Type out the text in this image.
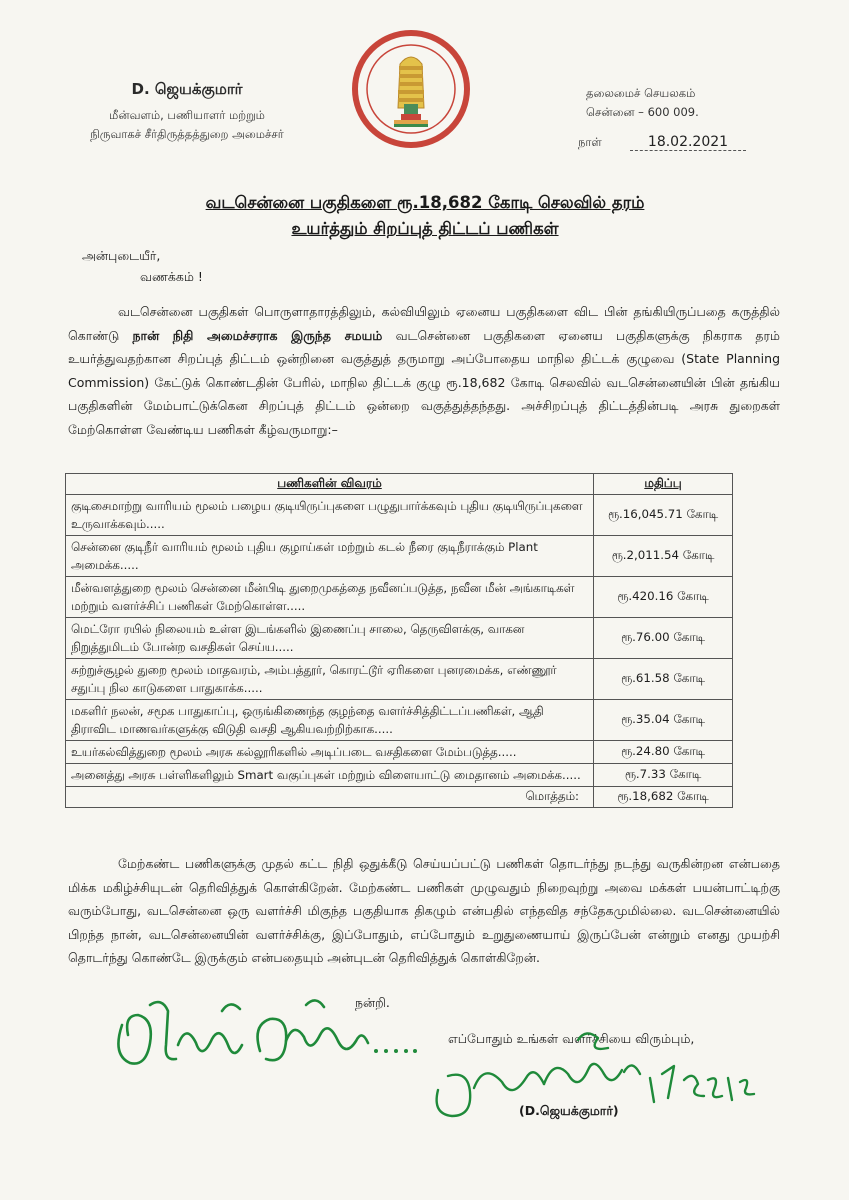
D. ஜெயக்குமார்
மீன்வளம், பணியாளர் மற்றும்
நிருவாகச் சீர்திருத்தத்துறை அமைச்சர்
தலைமைச் செயலகம்
சென்னை – 600 009.
நாள்	18.02.2021
வடசென்னை பகுதிகளை ரூ.18,682 கோடி செலவில் தரம்
உயர்த்தும் சிறப்புத் திட்டப் பணிகள்
அன்புடையீர்,
வணக்கம் !
வடசென்னை பகுதிகள் பொருளாதாரத்திலும், கல்வியிலும் ஏனைய பகுதிகளை விட பின் தங்கியிருப்பதை கருத்தில் கொண்டு நான் நிதி அமைச்சராக இருந்த சமயம் வடசென்னை பகுதிகளை ஏனைய பகுதிகளுக்கு நிகராக தரம் உயர்த்துவதற்கான சிறப்புத் திட்டம் ஒன்றினை வகுத்துத் தருமாறு அப்போதைய மாநில திட்டக் குழுவை (State Planning Commission) கேட்டுக் கொண்டதின் பேரில், மாநில திட்டக் குழு ரூ.18,682 கோடி செலவில் வடசென்னையின் பின் தங்கிய பகுதிகளின் மேம்பாட்டுக்கென சிறப்புத் திட்டம் ஒன்றை வகுத்துத்தந்தது. அச்சிறப்புத் திட்டத்தின்படி அரசு துறைகள் மேற்கொள்ள வேண்டிய பணிகள் கீழ்வருமாறு:–
பணிகளின் விவரம்	மதிப்பு
குடிசைமாற்று வாரியம் மூலம் பழைய குடியிருப்புகளை பழுதுபார்க்கவும் புதிய குடியிருப்புகளை உருவாக்கவும்.....	ரூ.16,045.71 கோடி
சென்னை குடிநீர் வாரியம் மூலம் புதிய குழாய்கள் மற்றும் கடல் நீரை குடிநீராக்கும் Plant அமைக்க.....	ரூ.2,011.54 கோடி
மீன்வளத்துறை மூலம் சென்னை மீன்பிடி துறைமுகத்தை நவீனப்படுத்த, நவீன மீன் அங்காடிகள் மற்றும் வளர்ச்சிப் பணிகள் மேற்கொள்ள.....	ரூ.420.16 கோடி
மெட்ரோ ரயில் நிலையம் உள்ள இடங்களில் இணைப்பு சாலை, தெருவிளக்கு, வாகன நிறுத்துமிடம் போன்ற வசதிகள் செய்ய.....	ரூ.76.00 கோடி
சுற்றுச்சூழல் துறை மூலம் மாதவரம், அம்பத்தூர், கொரட்டூர் ஏரிகளை புனரமைக்க, எண்ணூர் சதுப்பு நில காடுகளை பாதுகாக்க.....	ரூ.61.58 கோடி
மகளிர் நலன், சமூக பாதுகாப்பு, ஒருங்கிணைந்த குழந்தை வளர்ச்சித்திட்டப்பணிகள், ஆதி திராவிட மாணவர்களுக்கு விடுதி வசதி ஆகியவற்றிற்காக.....	ரூ.35.04 கோடி
உயர்கல்வித்துறை மூலம் அரசு கல்லூரிகளில் அடிப்படை வசதிகளை மேம்படுத்த.....	ரூ.24.80 கோடி
அனைத்து அரசு பள்ளிகளிலும் Smart வகுப்புகள் மற்றும் விளையாட்டு மைதானம் அமைக்க.....	ரூ.7.33 கோடி
மொத்தம்:	ரூ.18,682 கோடி
மேற்கண்ட பணிகளுக்கு முதல் கட்ட நிதி ஒதுக்கீடு செய்யப்பட்டு பணிகள் தொடர்ந்து நடந்து வருகின்றன என்பதை மிக்க மகிழ்ச்சியுடன் தெரிவித்துக் கொள்கிறேன். மேற்கண்ட பணிகள் முழுவதும் நிறைவுற்று அவை மக்கள் பயன்பாட்டிற்கு வரும்போது, வடசென்னை ஒரு வளர்ச்சி மிகுந்த பகுதியாக திகழும் என்பதில் எந்தவித சந்தேகமுமில்லை. வடசென்னையில் பிறந்த நான், வடசென்னையின் வளர்ச்சிக்கு, இப்போதும், எப்போதும் உறுதுணையாய் இருப்பேன் என்றும் எனது முயற்சி தொடர்ந்து கொண்டே இருக்கும் என்பதையும் அன்புடன் தெரிவித்துக் கொள்கிறேன்.
நன்றி.
எப்போதும் உங்கள் வளர்ச்சியை விரும்பும்,
(D.ஜெயக்குமார்)
